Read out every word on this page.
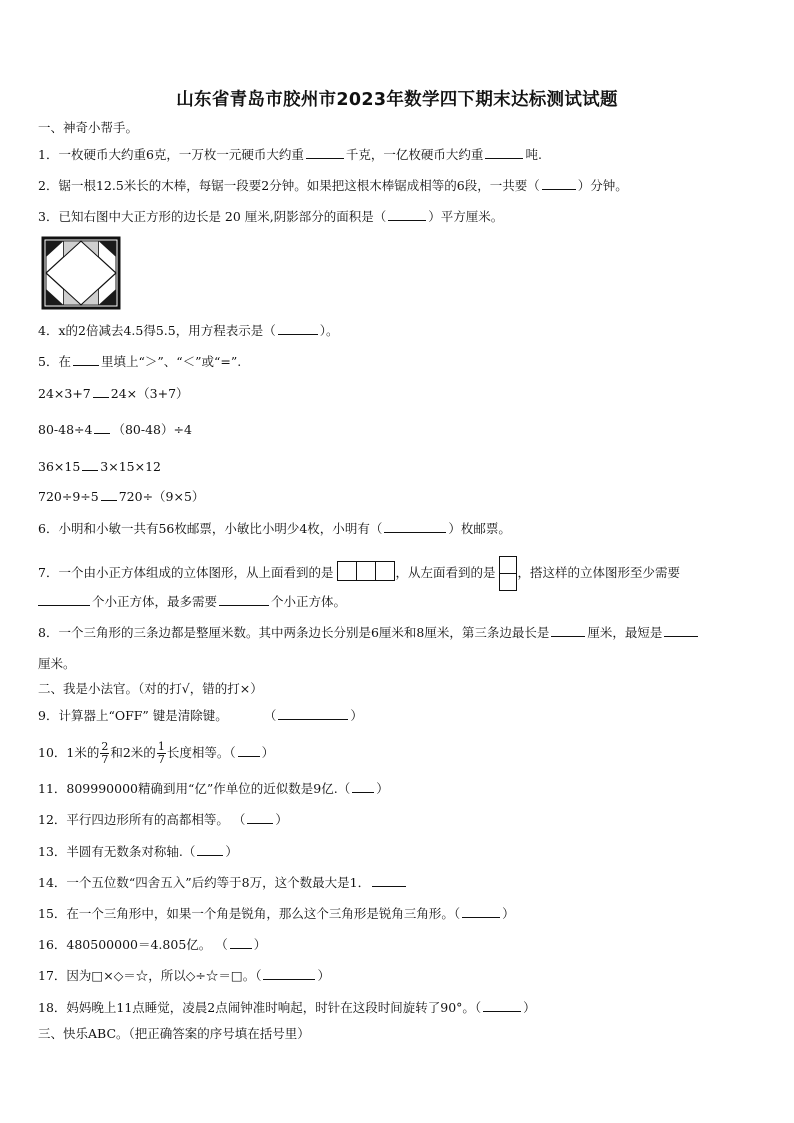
山东省青岛市胶州市2023年数学四下期末达标测试试题
一、神奇小帮手。
1．一枚硬币大约重6克，一万枚一元硬币大约重	千克，一亿枚硬币大约重	吨.
2．锯一根12.5米长的木棒，每锯一段要2分钟。如果把这根木棒锯成相等的6段，一共要（	）分钟。
3．已知右图中大正方形的边长是 20 厘米,阴影部分的面积是（	）平方厘米。
4．x的2倍减去4.5得5.5，用方程表示是（	）。
5．在 里填上“＞”、“＜”或“=”.
24×3+7 24×（3+7）
80-48÷4 （80-48）÷4
36×15 3×15×12
720÷9÷5 720÷（9×5）
6．小明和小敏一共有56枚邮票，小敏比小明少4枚，小明有（	）枚邮票。
7．一个由小正方体组成的立体图形，从上面看到的是	，从左面看到的是 ，搭这样的立体图形至少需要
个小正方体，最多需要	个小正方体。
8．一个三角形的三条边都是整厘米数。其中两条边长分别是6厘米和8厘米，第三条边最长是	厘米，最短是
厘米。
二、我是小法官。（对的打√，错的打×）
9．计算器上“OFF” 键是清除键。	（	）
10．1米的 $\frac{2}{7}$ 和2米的 $\frac{1}{7}$ 长度相等。（ ）
11．809990000精确到用“亿”作单位的近似数是9亿.（ ）
12．平行四边形所有的高都相等。 （ ）
13．半圆有无数条对称轴.（ ）
14．一个五位数“四舍五入”后约等于8万，这个数最大是1．
15．在一个三角形中，如果一个角是锐角，那么这个三角形是锐角三角形。（	）
16．480500000＝4.805亿。 （ ）
17．因为□×◇＝☆，所以◇÷☆＝□。（	）
18．妈妈晚上11点睡觉，凌晨2点闹钟准时响起，时针在这段时间旋转了90°。（	）
三、快乐ABC。（把正确答案的序号填在括号里）
